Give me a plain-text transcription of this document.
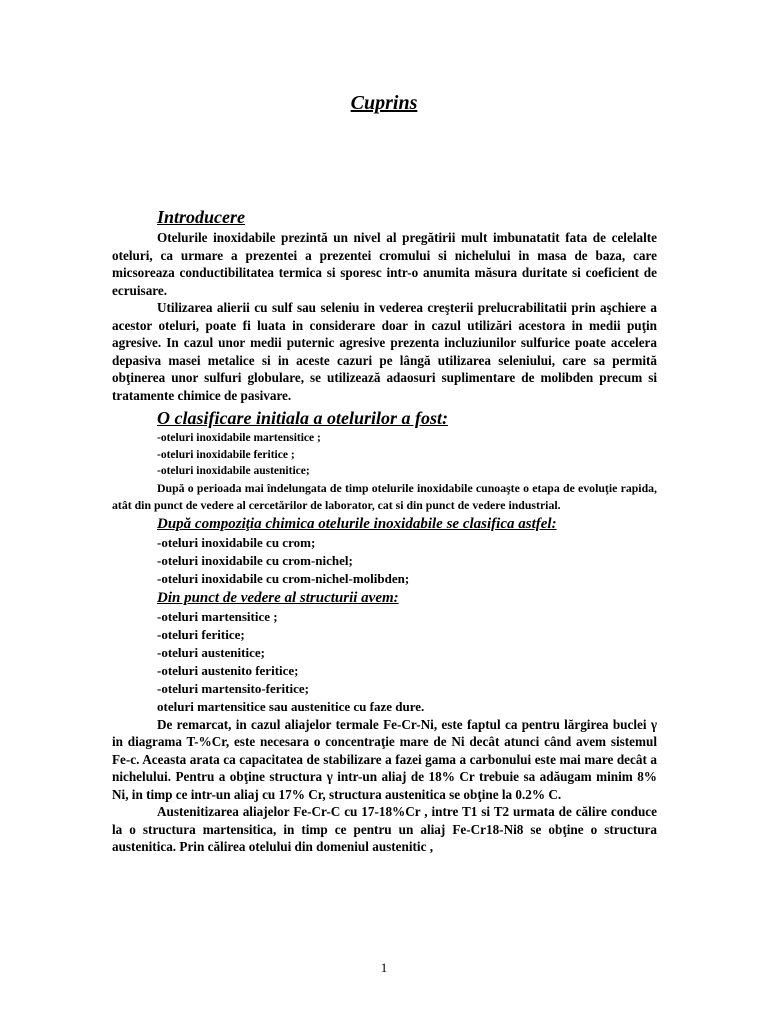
Cuprins
Introducere

Otelurile inoxidabile prezintă un nivel al pregătirii mult imbunatatit fata de celelalte oteluri, ca urmare a prezentei a prezentei cromului si nichelului in masa de baza, care micsoreaza conductibilitatea termica si sporesc intr-o anumita măsura duritate si coeficient de ecruisare.

Utilizarea alierii cu sulf sau seleniu in vederea creşterii prelucrabilitatii prin aşchiere a acestor oteluri, poate fi luata in considerare doar in cazul utilizări acestora in medii puţin agresive. In cazul unor medii puternic agresive prezenta incluziunilor sulfurice poate accelera depasiva masei metalice si in aceste cazuri pe lângă utilizarea seleniului, care sa permită obţinerea unor sulfuri globulare, se utilizează adaosuri suplimentare de molibden precum si tratamente chimice de pasivare.

O clasificare initiala a otelurilor a fost:
-oteluri inoxidabile martensitice ;
-oteluri inoxidabile feritice ;
-oteluri inoxidabile austenitice;

După o perioada mai îndelungata de timp otelurile inoxidabile cunoaşte o etapa de evoluţie rapida, atât din punct de vedere al cercetărilor de laborator, cat si din punct de vedere industrial.

După compoziţia chimica otelurile inoxidabile se clasifica astfel:
-oteluri inoxidabile cu crom;
-oteluri inoxidabile cu crom-nichel;
-oteluri inoxidabile cu crom-nichel-molibden;
Din punct de vedere al structurii avem:
-oteluri martensitice ;
-oteluri feritice;
-oteluri austenitice;
-oteluri austenito feritice;
-oteluri martensito-feritice;
oteluri martensitice sau austenitice cu faze dure.

De remarcat, in cazul aliajelor termale Fe-Cr-Ni, este faptul ca pentru lărgirea buclei γ in diagrama T-%Cr, este necesara o concentraţie mare de Ni decât atunci când avem sistemul Fe-c. Aceasta arata ca capacitatea de stabilizare a fazei gama a carbonului este mai mare decât a nichelului. Pentru a obţine structura γ intr-un aliaj de 18% Cr trebuie sa adăugam minim 8% Ni, in timp ce intr-un aliaj cu 17% Cr, structura austenitica se obţine la 0.2% C.

Austenitizarea aliajelor Fe-Cr-C cu 17-18%Cr , intre T1 si T2 urmata de călire conduce la o structura martensitica, in timp ce pentru un aliaj Fe-Cr18-Ni8 se obţine o structura austenitica. Prin călirea otelului din domeniul austenitic ,

1
